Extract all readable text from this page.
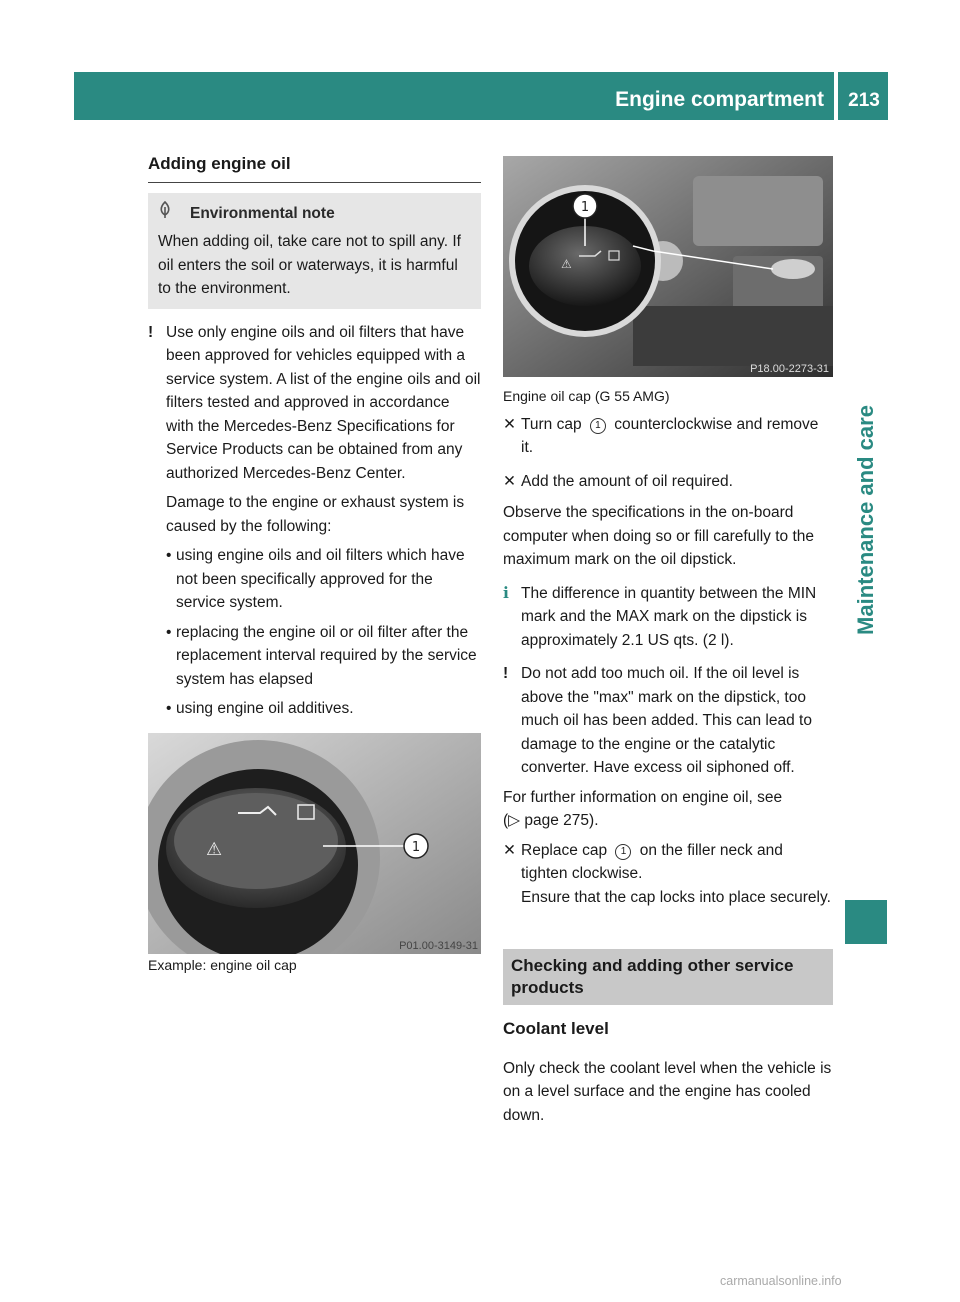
Engine compartment	213
Maintenance and care
Adding engine oil
Environmental note

When adding oil, take care not to spill any. If oil enters the soil or waterways, it is harmful to the environment.

! Use only engine oils and oil filters that have been approved for vehicles equipped with a service system. A list of the engine oils and oil filters tested and approved in accordance with the Mercedes-Benz Specifications for Service Products can be obtained from any authorized Mercedes-Benz Center.

Damage to the engine or exhaust system is caused by the following:

• using engine oils and oil filters which have not been specifically approved for the service system.

• replacing the engine oil or oil filter after the replacement interval required by the service system has elapsed

• using engine oil additives.

⚠	1
P01.00-3149-31

Example: engine oil cap

⚠
1
P18.00-2273-31

Engine oil cap (G 55 AMG)

✕ Turn cap 1 counterclockwise and remove it.

✕ Add the amount of oil required.

Observe the specifications in the on-board computer when doing so or fill carefully to the maximum mark on the oil dipstick.

ℹ The difference in quantity between the MIN mark and the MAX mark on the dipstick is approximately 2.1 US qts. (2 l).

! Do not add too much oil. If the oil level is above the "max" mark on the dipstick, too much oil has been added. This can lead to damage to the engine or the catalytic converter. Have excess oil siphoned off.

For further information on engine oil, see
(▷ page 275).

✕ Replace cap 1 on the filler neck and tighten clockwise.

Ensure that the cap locks into place securely.

Checking and adding other service products
Coolant level

Only check the coolant level when the vehicle is on a level surface and the engine has cooled down.

carmanualsonline.info
